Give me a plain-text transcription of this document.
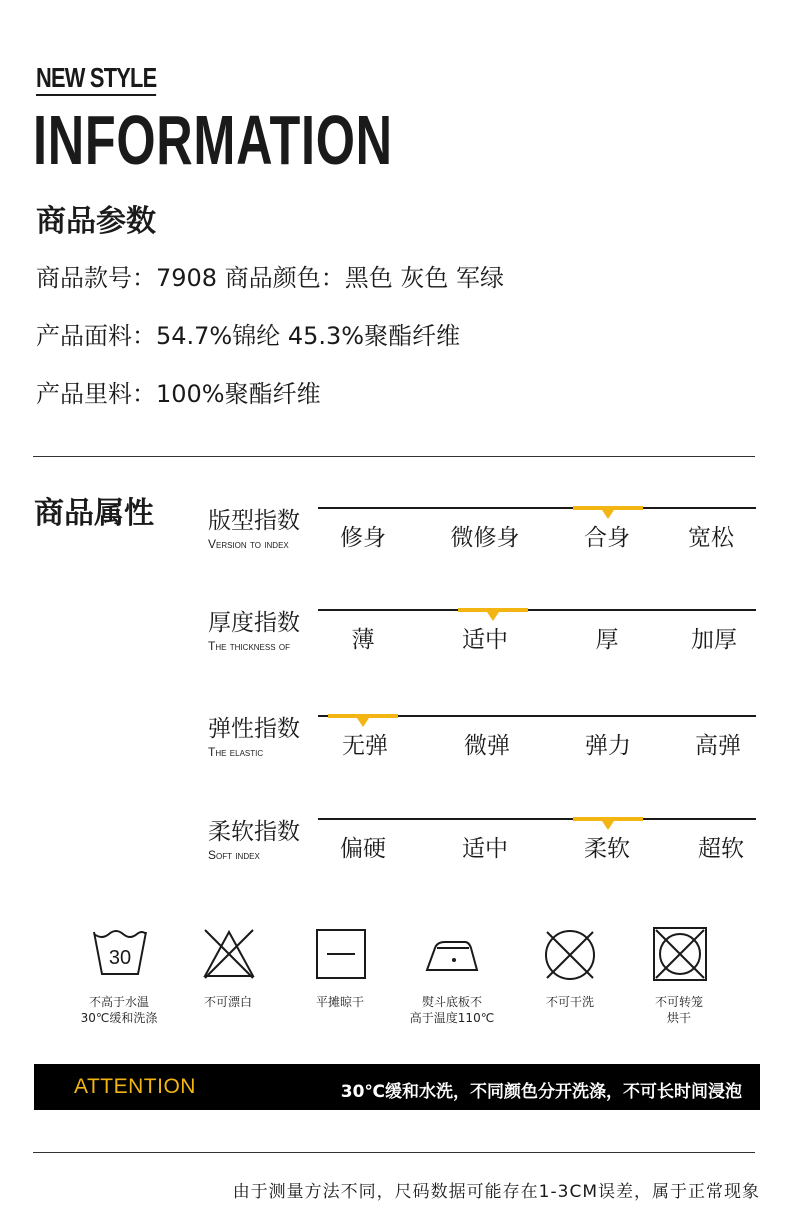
NEW STYLE
INFORMATION
商品参数
商品款号：7908 商品颜色：黑色 灰色 军绿
产品面料：54.7%锦纶 45.3%聚酯纤维
产品里料：100%聚酯纤维
商品属性 版型指数
Version to index 修身	微修身	合身	宽松
厚度指数
The thickness of	薄	适中	厚	加厚
弹性指数
The elastic	无弹	微弹	弹力	高弹
柔软指数
Soft index	偏硬	适中	柔软	超软
30
不高于水温
30℃缓和洗涤
不可漂白	平摊晾干	熨斗底板不
高于温度110℃
不可干洗	不可转笼
烘干
ATTENTION	30℃缓和水洗，不同颜色分开洗涤，不可长时间浸泡
由于测量方法不同，尺码数据可能存在1-3CM误差，属于正常现象
